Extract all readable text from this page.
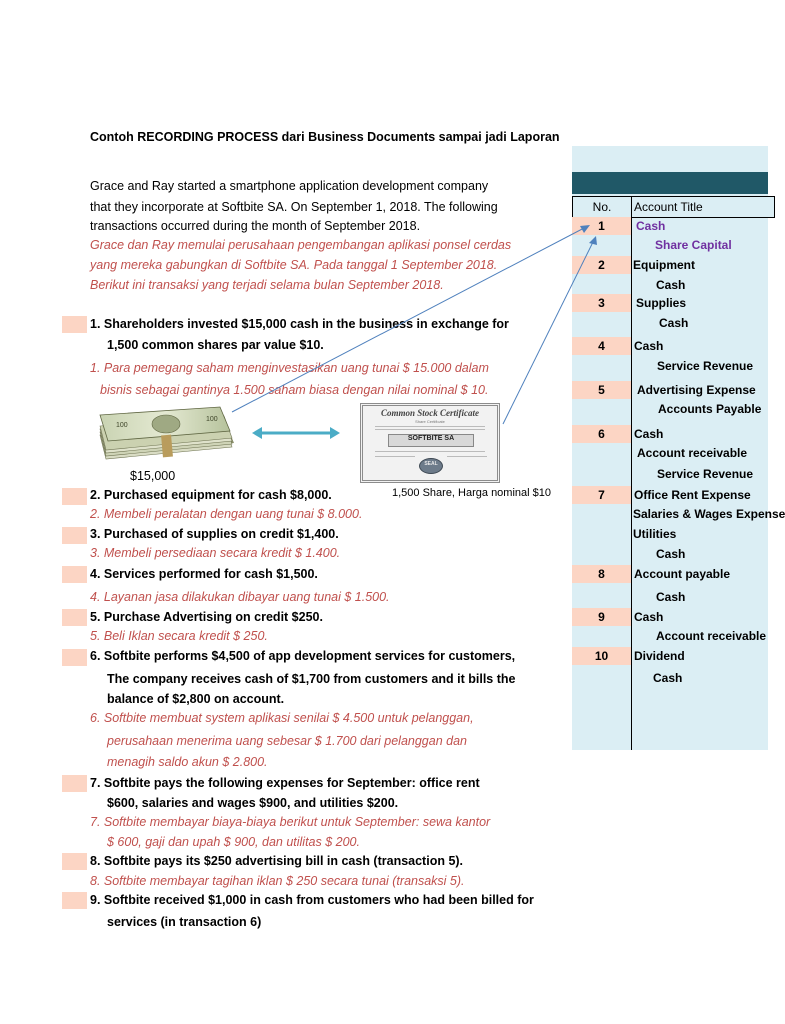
Contoh RECORDING PROCESS dari Business Documents sampai jadi Laporan
Grace and Ray started a smartphone application development company
that they incorporate at Softbite SA. On September 1, 2018. The following
transactions occurred during the month of September 2018.
Grace dan Ray memulai perusahaan pengembangan aplikasi ponsel cerdas
yang mereka gabungkan di Softbite SA. Pada tanggal 1 September 2018.
Berikut ini transaksi yang terjadi selama bulan September 2018.
1. Shareholders invested $15,000 cash in the business in exchange for
1,500 common shares par value $10.
1. Para pemegang saham menginvestasikan uang tunai $ 15.000 dalam
bisnis sebagai gantinya 1.500 saham biasa dengan nilai nominal $ 10.
100
100
$15,000
Common Stock Certificate
Share Certificate
SOFTBITE SA
SEAL
1,500 Share, Harga nominal $10
2. Purchased equipment for cash $8,000.
2. Membeli peralatan dengan uang tunai $ 8.000.
3. Purchased of supplies on credit $1,400.
3. Membeli persediaan secara kredit $ 1.400.
4. Services performed for cash $1,500.
4. Layanan jasa dilakukan dibayar uang tunai $ 1.500.
5. Purchase Advertising on credit $250.
5. Beli Iklan secara kredit $ 250.
6. Softbite performs $4,500 of app development services for customers,
The company receives cash of $1,700 from customers and it bills the
balance of $2,800 on account.
6. Softbite membuat system aplikasi senilai $ 4.500 untuk pelanggan,
perusahaan menerima uang sebesar $ 1.700 dari pelanggan dan
menagih saldo akun $ 2.800.
7. Softbite pays the following expenses for September: office rent
$600, salaries and wages $900, and utilities $200.
7. Softbite membayar biaya-biaya berikut untuk September: sewa kantor
$ 600, gaji dan upah $ 900, dan utilitas $ 200.
8. Softbite pays its $250 advertising bill in cash (transaction 5).
8. Softbite membayar tagihan iklan $ 250 secara tunai (transaksi 5).
9. Softbite received $1,000 in cash from customers who had been billed for
services (in transaction 6)
No.	Account Title
1
2
3
4
5
6
7
8
9
10
Cash
Share Capital
Equipment
Cash
Supplies
Cash
Cash
Service Revenue
Advertising Expense
Accounts Payable
Cash
Account receivable
Service Revenue
Office Rent Expense
Salaries & Wages Expense
Utilities
Cash
Account payable
Cash
Cash
Account receivable
Dividend
Cash
